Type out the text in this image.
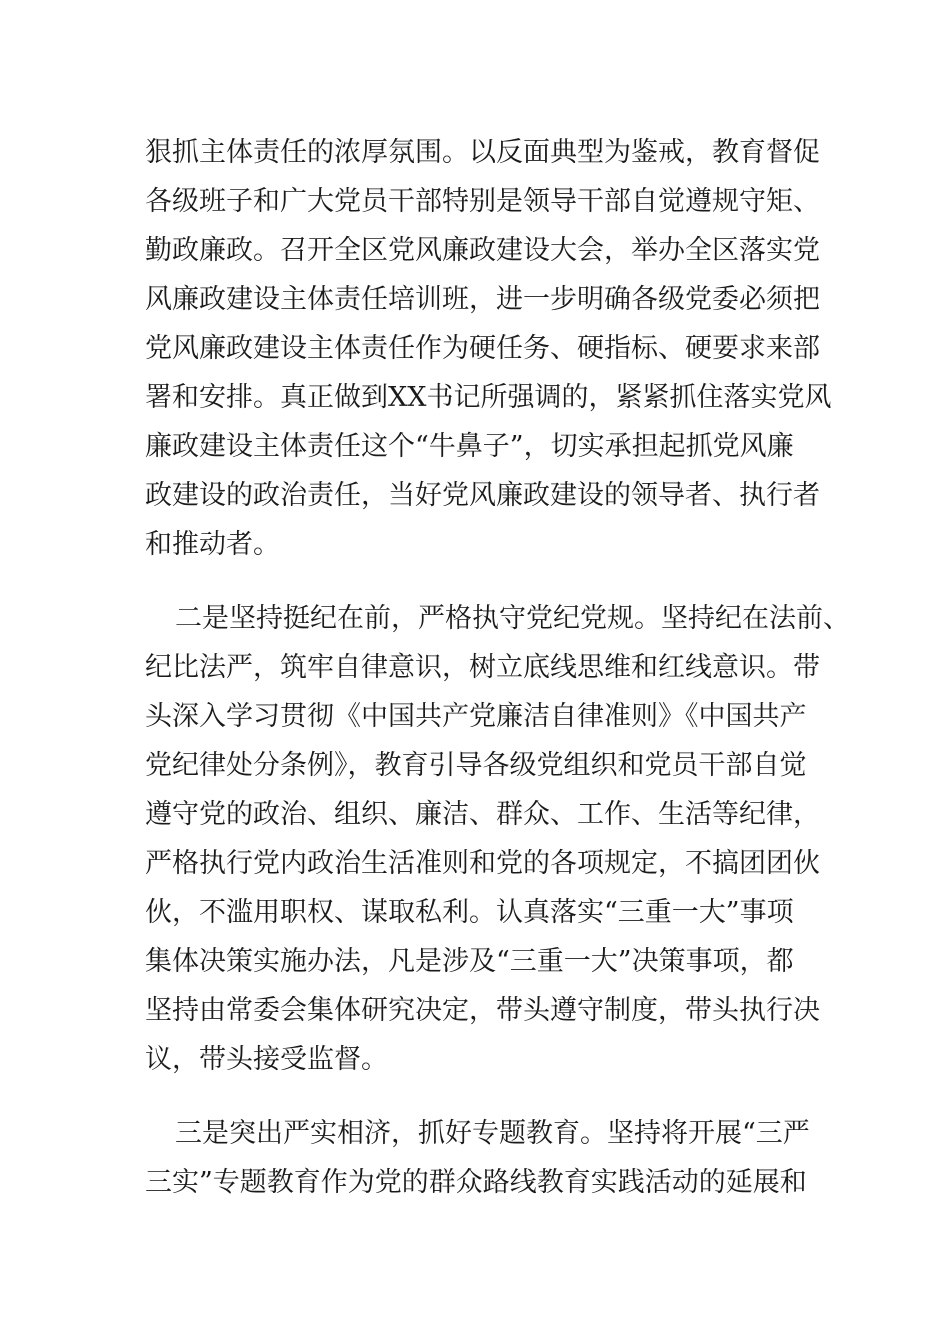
狠抓主体责任的浓厚氛围。以反面典型为鉴戒，教育督促
各级班子和广大党员干部特别是领导干部自觉遵规守矩、
勤政廉政。召开全区党风廉政建设大会，举办全区落实党
风廉政建设主体责任培训班，进一步明确各级党委必须把
党风廉政建设主体责任作为硬任务、硬指标、硬要求来部
署和安排。真正做到XX书记所强调的，紧紧抓住落实党风
廉政建设主体责任这个“牛鼻子”，切实承担起抓党风廉
政建设的政治责任，当好党风廉政建设的领导者、执行者
和推动者。
二是坚持挺纪在前，严格执守党纪党规。坚持纪在法前、
纪比法严，筑牢自律意识，树立底线思维和红线意识。带
头深入学习贯彻《中国共产党廉洁自律准则》《中国共产
党纪律处分条例》，教育引导各级党组织和党员干部自觉
遵守党的政治、组织、廉洁、群众、工作、生活等纪律，
严格执行党内政治生活准则和党的各项规定，不搞团团伙
伙，不滥用职权、谋取私利。认真落实“三重一大”事项
集体决策实施办法，凡是涉及“三重一大”决策事项，都
坚持由常委会集体研究决定，带头遵守制度，带头执行决
议，带头接受监督。
三是突出严实相济，抓好专题教育。坚持将开展“三严
三实”专题教育作为党的群众路线教育实践活动的延展和
